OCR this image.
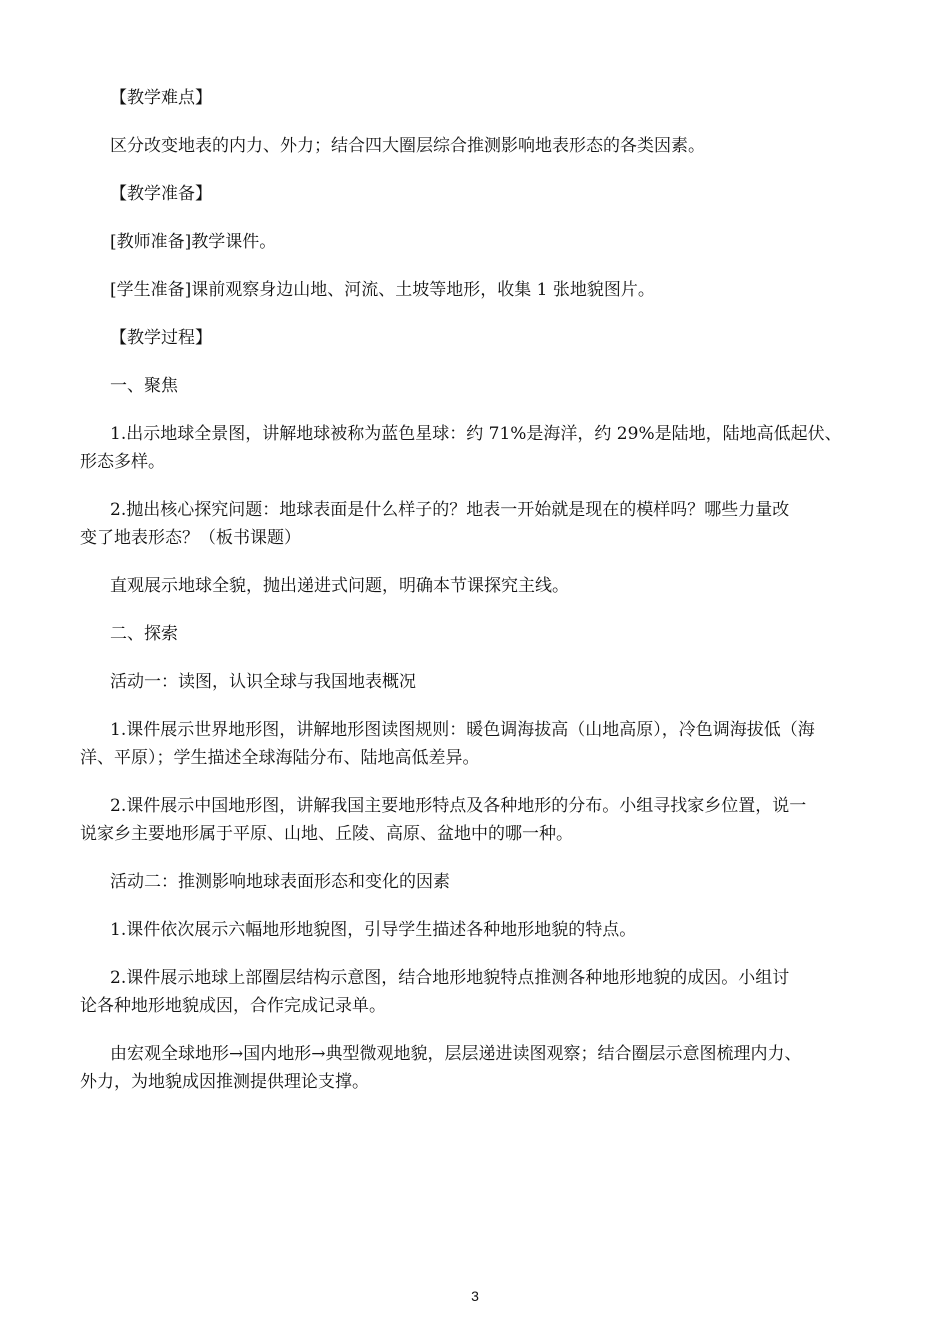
【教学难点】

区分改变地表的内力、外力；结合四大圈层综合推测影响地表形态的各类因素。

【教学准备】

[教师准备]教学课件。

[学生准备]课前观察身边山地、河流、土坡等地形，收集 1 张地貌图片。

【教学过程】

一、聚焦

1.出示地球全景图，讲解地球被称为蓝色星球：约 71%是海洋，约 29%是陆地，陆地高低起伏、
形态多样。
2.抛出核心探究问题：地球表面是什么样子的？地表一开始就是现在的模样吗？哪些力量改
变了地表形态？（板书课题）

直观展示地球全貌，抛出递进式问题，明确本节课探究主线。

二、探索

活动一：读图，认识全球与我国地表概况

1.课件展示世界地形图，讲解地形图读图规则：暖色调海拔高（山地高原），冷色调海拔低（海
洋、平原）；学生描述全球海陆分布、陆地高低差异。
2.课件展示中国地形图，讲解我国主要地形特点及各种地形的分布。小组寻找家乡位置，说一
说家乡主要地形属于平原、山地、丘陵、高原、盆地中的哪一种。

活动二：推测影响地球表面形态和变化的因素

1.课件依次展示六幅地形地貌图，引导学生描述各种地形地貌的特点。

2.课件展示地球上部圈层结构示意图，结合地形地貌特点推测各种地形地貌的成因。小组讨
论各种地形地貌成因，合作完成记录单。
由宏观全球地形→国内地形→典型微观地貌，层层递进读图观察；结合圈层示意图梳理内力、
外力，为地貌成因推测提供理论支撑。
3
